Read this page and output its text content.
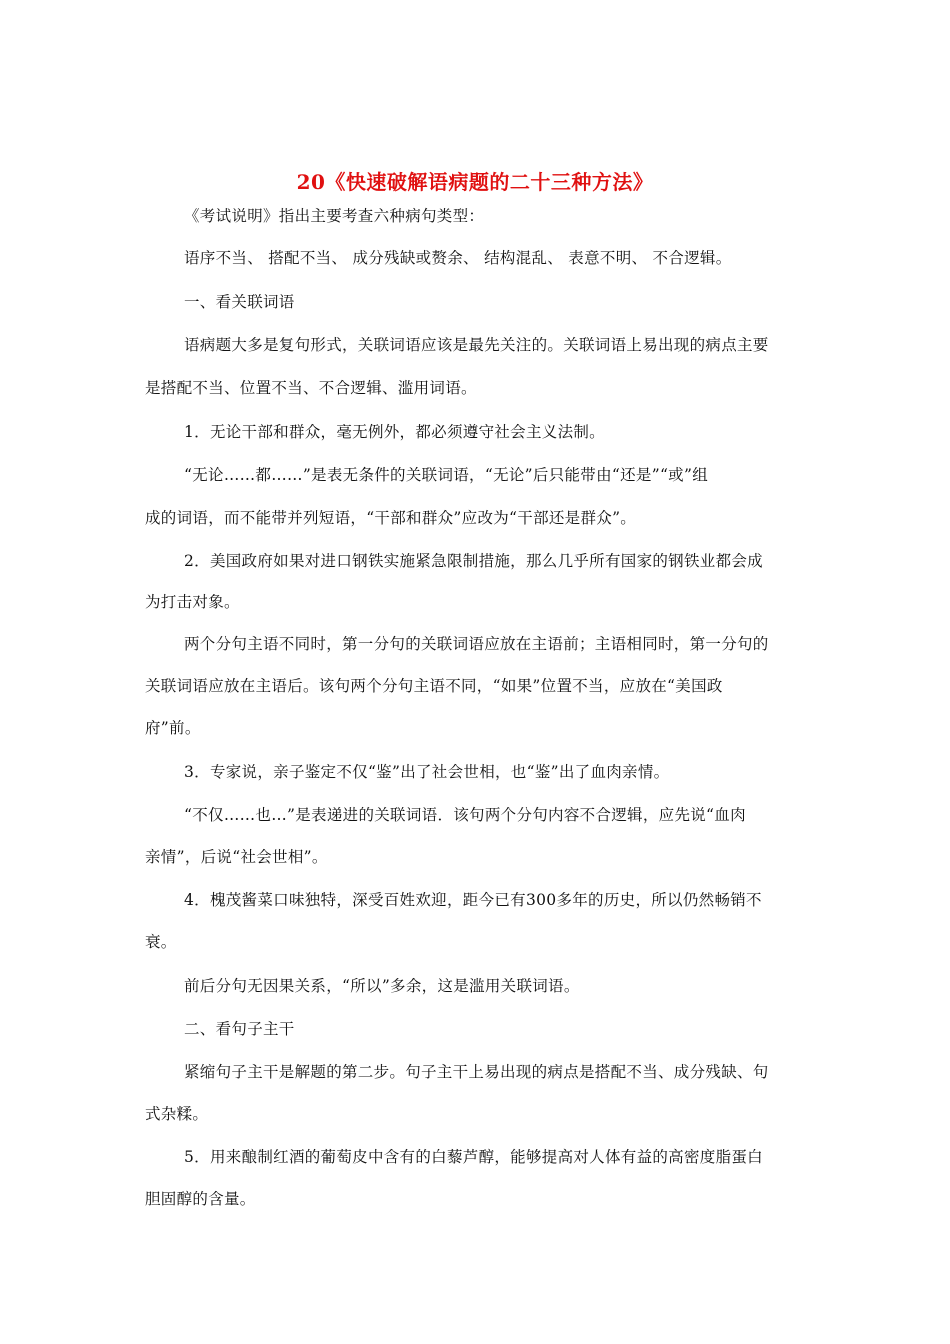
20《快速破解语病题的二十三种方法》
《考试说明》指出主要考查六种病句类型：
语序不当、 搭配不当、 成分残缺或赘余、 结构混乱、 表意不明、 不合逻辑。
一、看关联词语
语病题大多是复句形式，关联词语应该是最先关注的。关联词语上易出现的病点主要
是搭配不当、位置不当、不合逻辑、滥用词语。
1．无论干部和群众，毫无例外，都必须遵守社会主义法制。
“无论……都……”是表无条件的关联词语，“无论”后只能带由“还是”“或”组
成的词语，而不能带并列短语，“干部和群众”应改为“干部还是群众”。
2．美国政府如果对进口钢铁实施紧急限制措施，那么几乎所有国家的钢铁业都会成
为打击对象。
两个分句主语不同时，第一分句的关联词语应放在主语前；主语相同时，第一分句的
关联词语应放在主语后。该句两个分句主语不同，“如果”位置不当，应放在“美国政
府”前。
3．专家说，亲子鉴定不仅“鉴”出了社会世相，也“鉴”出了血肉亲情。
“不仅……也…”是表递进的关联词语．该句两个分句内容不合逻辑，应先说“血肉
亲情”，后说“社会世相”。
4．槐茂酱菜口味独特，深受百姓欢迎，距今已有300多年的历史，所以仍然畅销不
衰。
前后分句无因果关系，“所以”多余，这是滥用关联词语。
二、看句子主干
紧缩句子主干是解题的第二步。句子主干上易出现的病点是搭配不当、成分残缺、句
式杂糅。
5．用来酿制红酒的葡萄皮中含有的白藜芦醇，能够提高对人体有益的高密度脂蛋白
胆固醇的含量。
